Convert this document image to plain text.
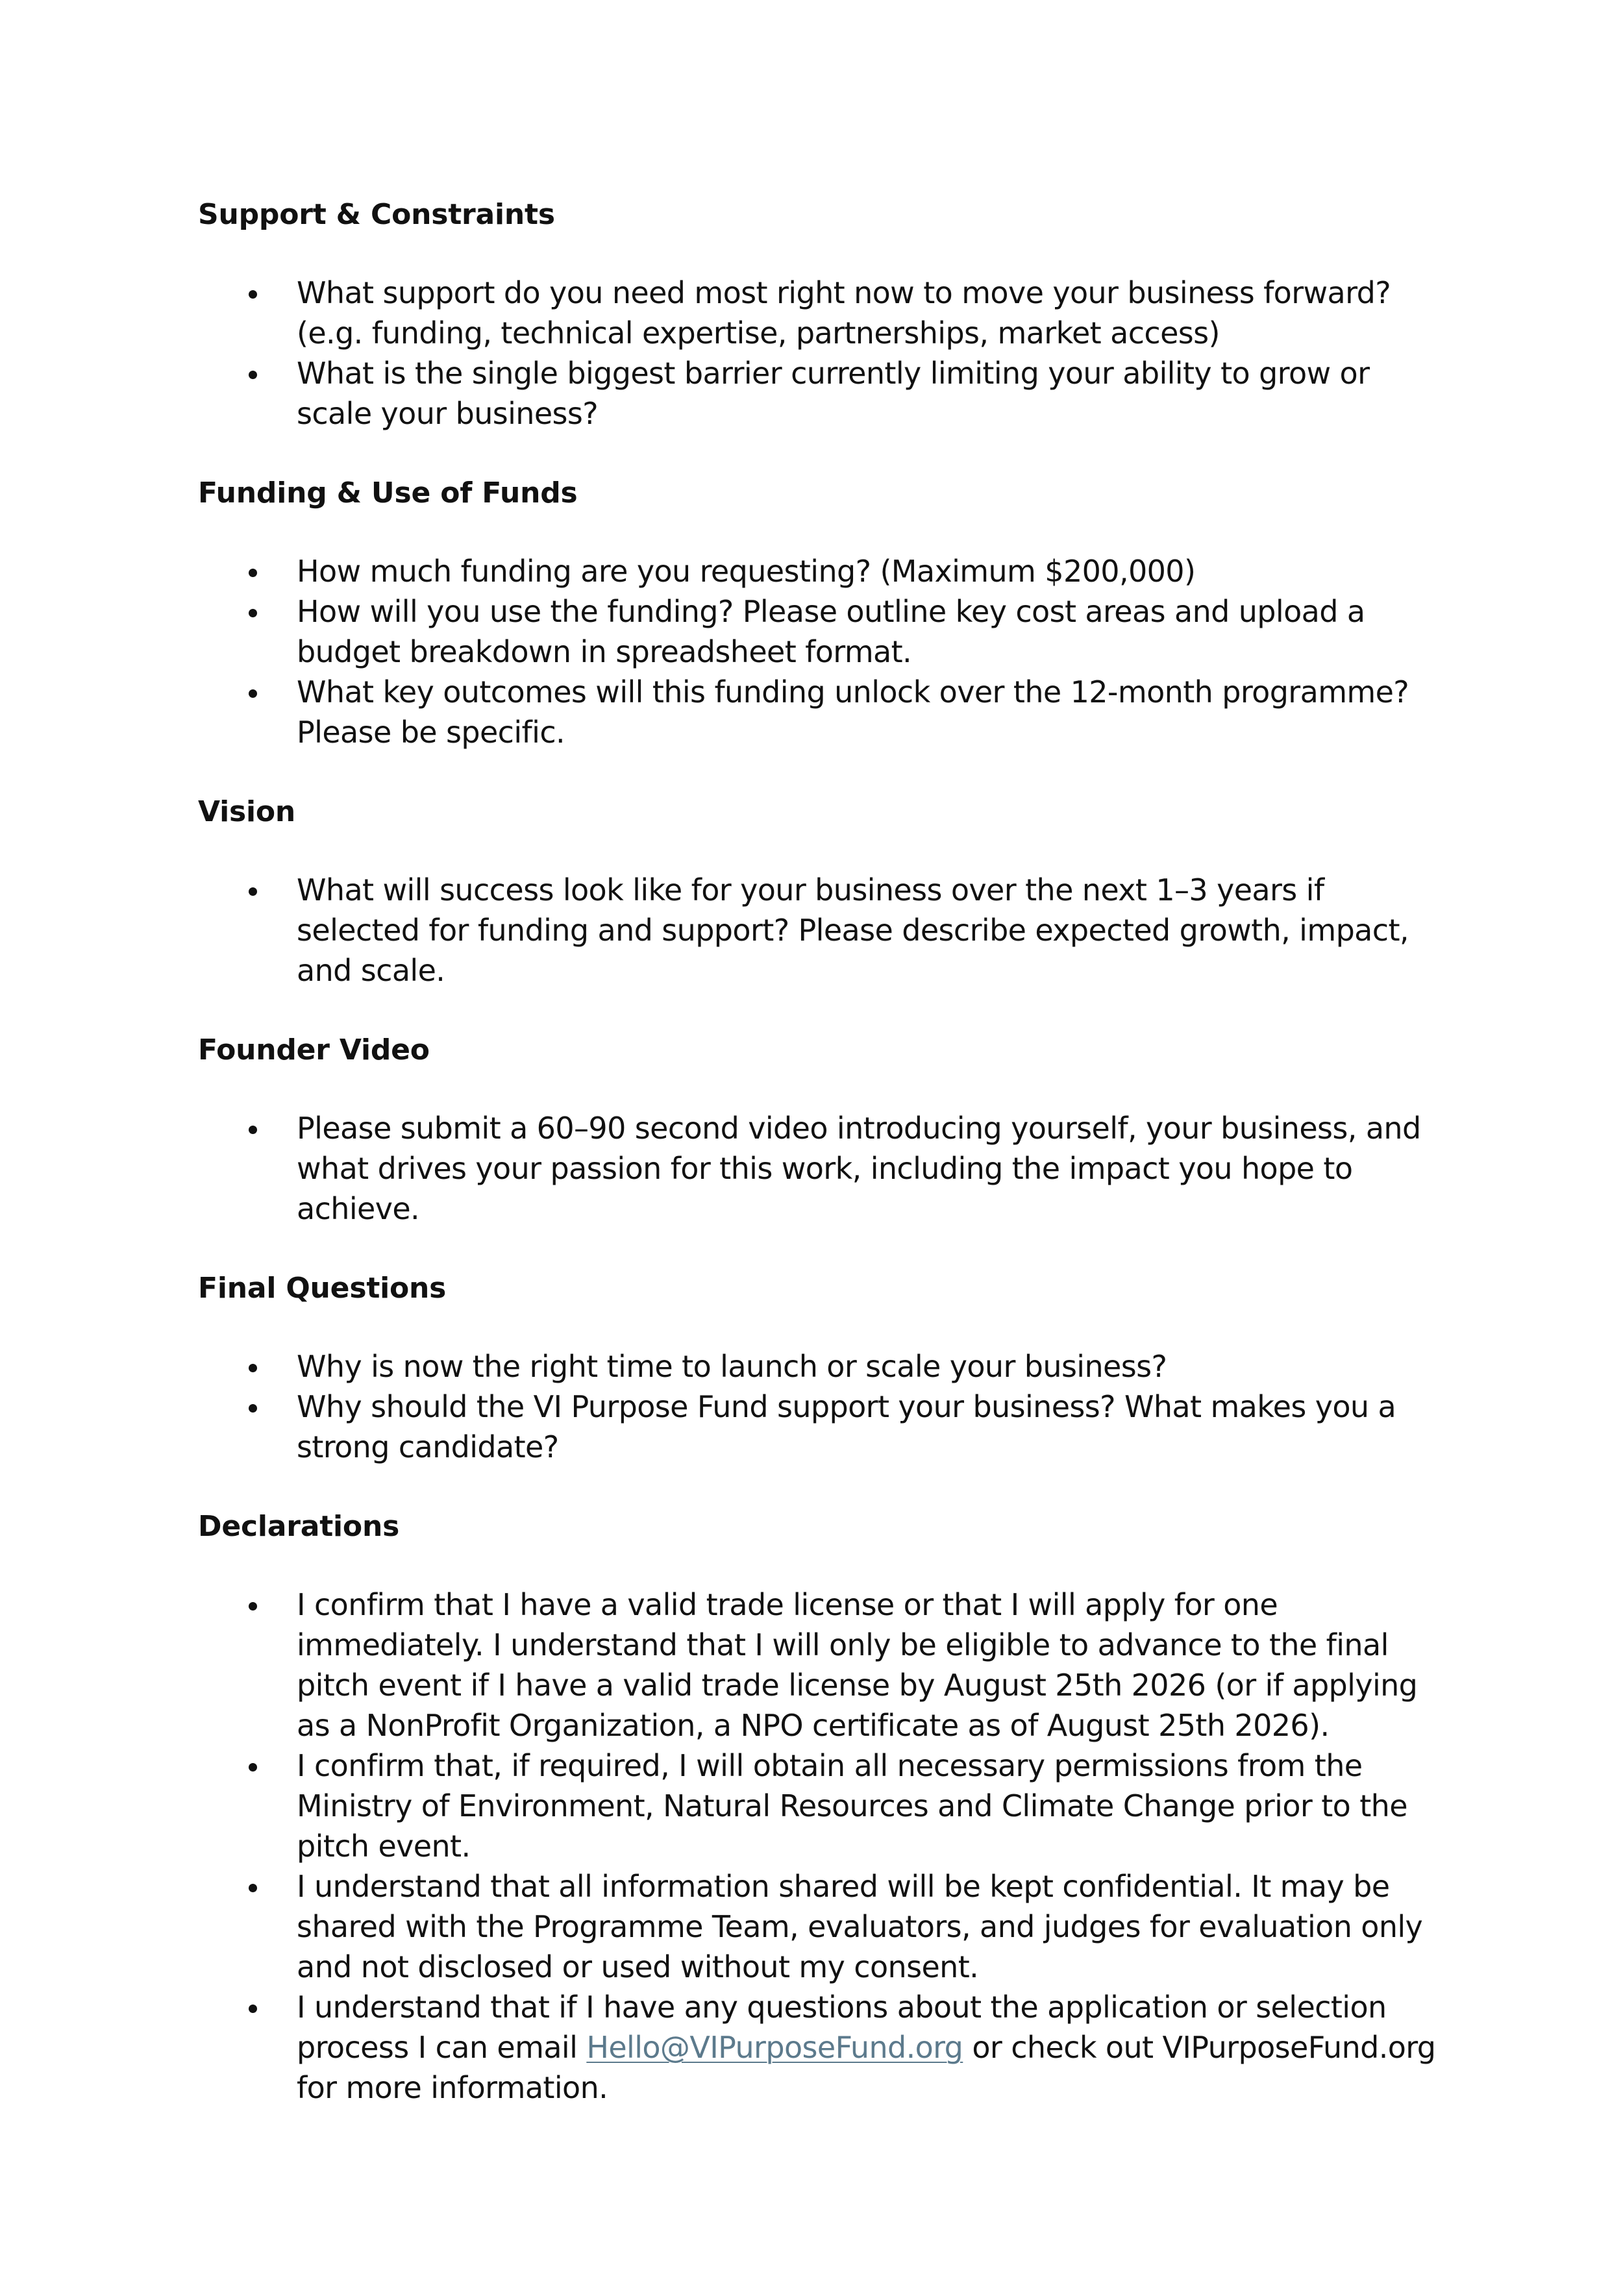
Support & Constraints

What support do you need most right now to move your business forward? (e.g. funding, technical expertise, partnerships, market access)
What is the single biggest barrier currently limiting your ability to grow or scale your business?

Funding & Use of Funds

How much funding are you requesting? (Maximum $200,000)
How will you use the funding? Please outline key cost areas and upload a budget breakdown in spreadsheet format.
What key outcomes will this funding unlock over the 12-month programme? Please be specific.

Vision

What will success look like for your business over the next 1–3 years if selected for funding and support? Please describe expected growth, impact, and scale.

Founder Video

Please submit a 60–90 second video introducing yourself, your business, and what drives your passion for this work, including the impact you hope to achieve.

Final Questions

Why is now the right time to launch or scale your business?
Why should the VI Purpose Fund support your business? What makes you a strong candidate?

Declarations

I confirm that I have a valid trade license or that I will apply for one immediately. I understand that I will only be eligible to advance to the final pitch event if I have a valid trade license by August 25th 2026 (or if applying as a NonProfit Organization, a NPO certificate as of August 25th 2026).
I confirm that, if required, I will obtain all necessary permissions from the Ministry of Environment, Natural Resources and Climate Change prior to the pitch event.
I understand that all information shared will be kept confidential. It may be shared with the Programme Team, evaluators, and judges for evaluation only and not disclosed or used without my consent.
I understand that if I have any questions about the application or selection process I can email Hello@VIPurposeFund.org or check out VIPurposeFund.org for more information.
